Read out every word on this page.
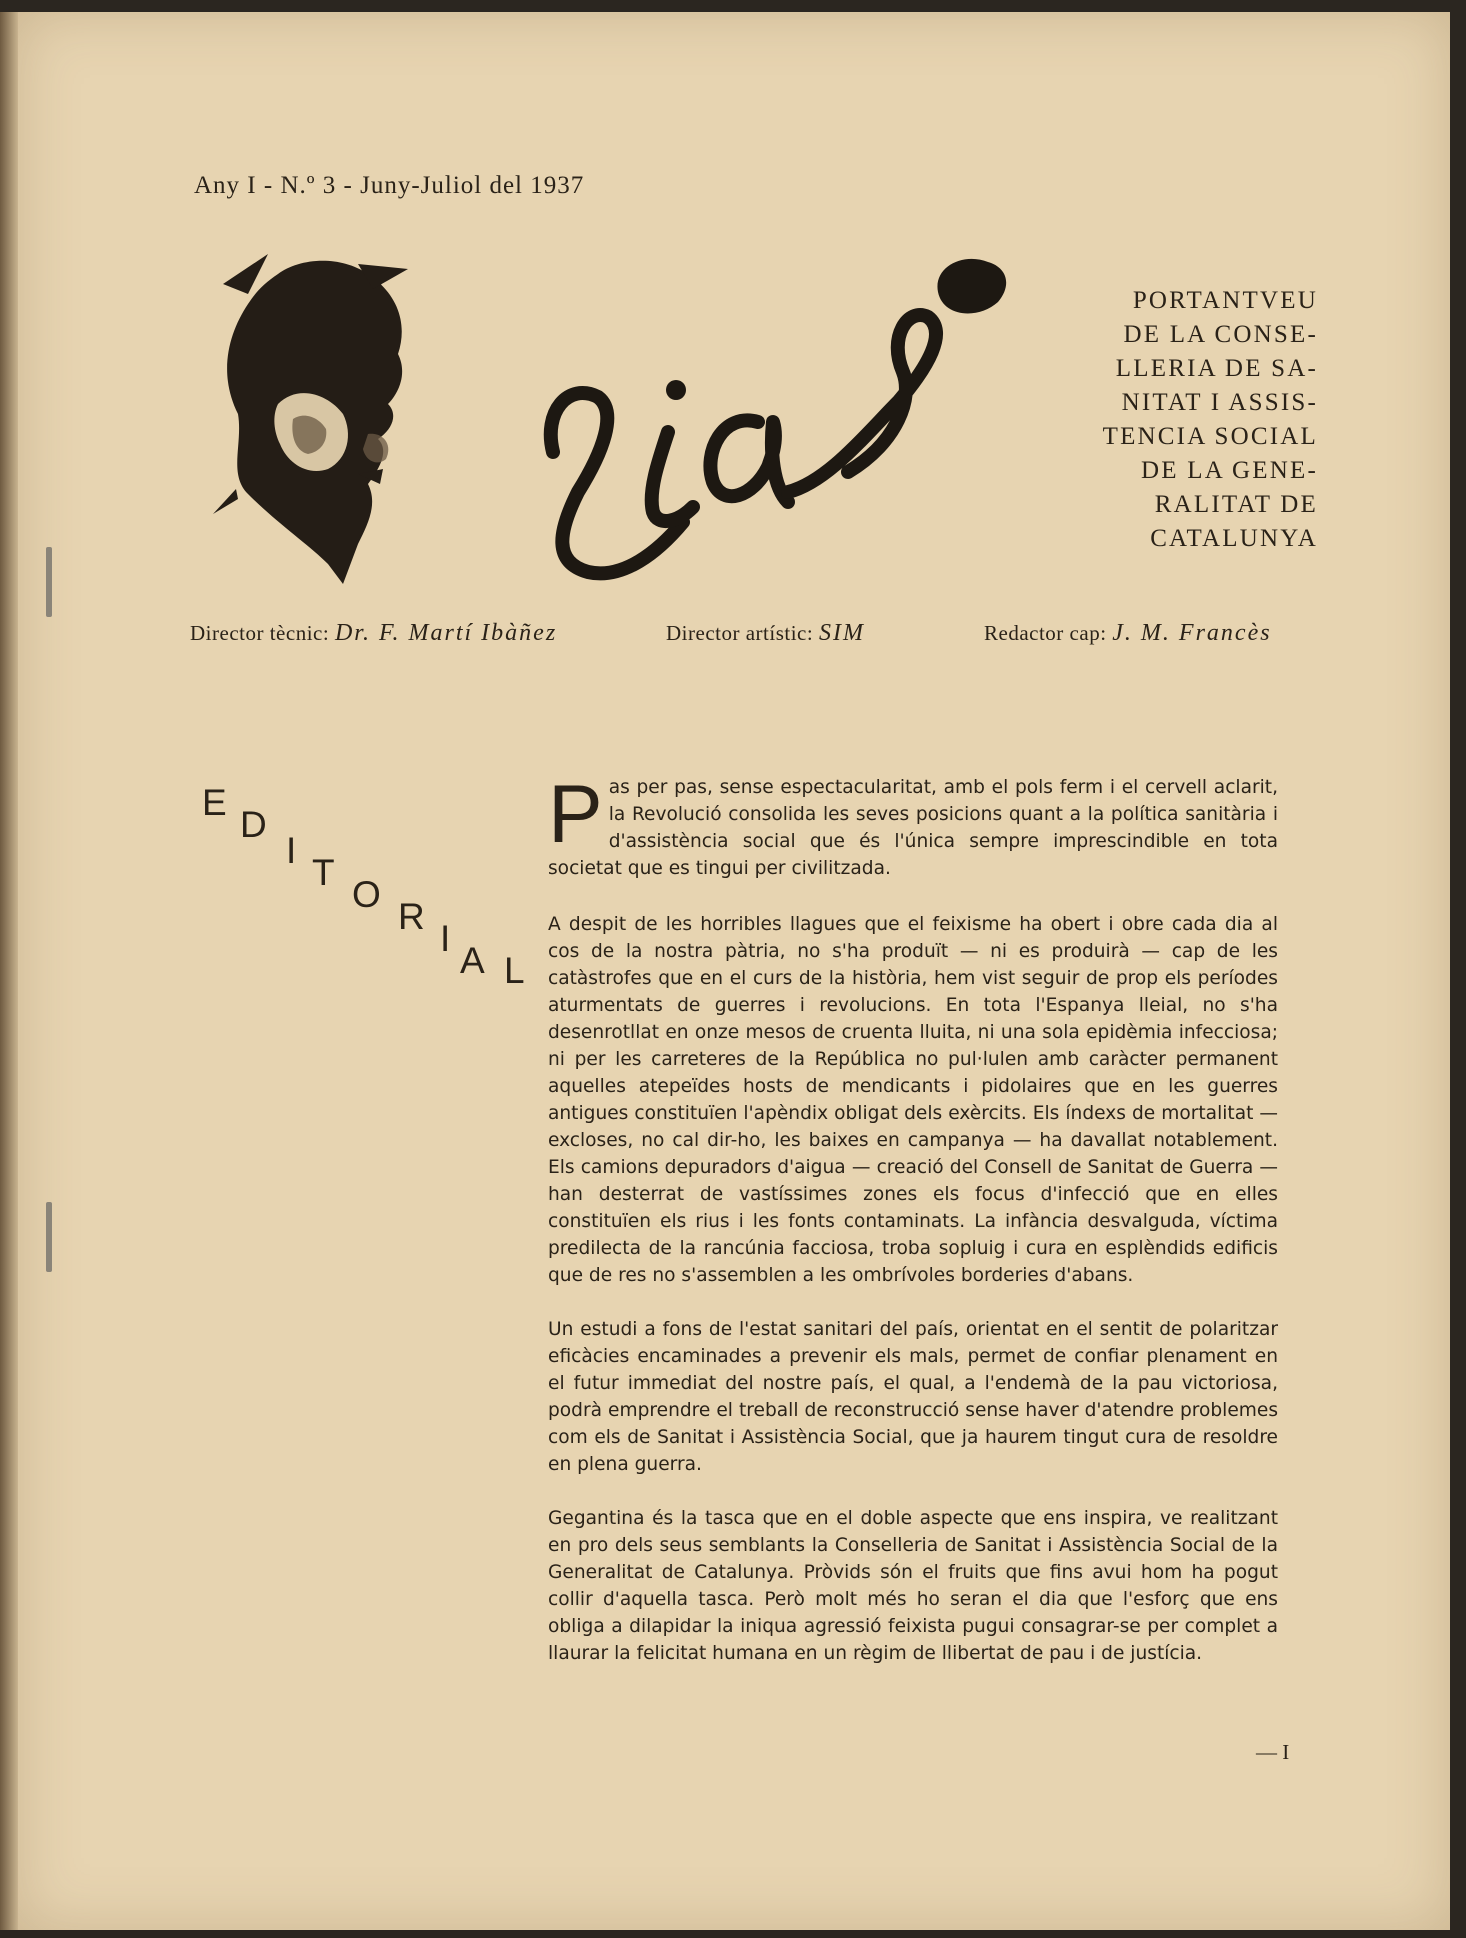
Any I - N.º 3 - Juny-Juliol del 1937
PORTANTVEU
DE LA CONSE-
LLERIA DE SA-
NITAT I ASSIS-
TENCIA SOCIAL
DE LA GENE-
RALITAT DE
CATALUNYA
Director tècnic: Dr. F. Martí Ibàñez	Director artístic: SIM	Redactor cap: J. M. Francès
E
D
I
T
O
R
I
A L

P as per pas, sense espectacularitat, amb el pols ferm i el cervell aclarit, la Revolució consolida les seves posicions quant a la política sanitària i d'assistència social que és l'única sempre imprescindible en tota societat que es tingui per civilitzada.

A despit de les horribles llagues que el feixisme ha obert i obre cada dia al cos de la nostra pàtria, no s'ha produït — ni es produirà — cap de les catàstrofes que en el curs de la història, hem vist seguir de prop els períodes aturmentats de guerres i revolucions. En tota l'Espanya lleial, no s'ha desenrotllat en onze mesos de cruenta lluita, ni una sola epidèmia infecciosa; ni per les carreteres de la República no pul·lulen amb caràcter permanent aquelles atepeïdes hosts de mendicants i pidolaires que en les guerres antigues constituïen l'apèndix obligat dels exèrcits. Els índexs de mortalitat — excloses, no cal dir-ho, les baixes en campanya — ha davallat notablement. Els camions depuradors d'aigua — creació del Consell de Sanitat de Guerra — han desterrat de vastíssimes zones els focus d'infecció que en elles constituïen els rius i les fonts contaminats. La infància desvalguda, víctima predilecta de la rancúnia facciosa, troba sopluig i cura en esplèndids edificis que de res no s'assemblen a les ombrívoles borderies d'abans.

Un estudi a fons de l'estat sanitari del país, orientat en el sentit de polaritzar eficàcies encaminades a prevenir els mals, permet de confiar plenament en el futur immediat del nostre país, el qual, a l'endemà de la pau victoriosa, podrà emprendre el treball de reconstrucció sense haver d'atendre problemes com els de Sanitat i Assistència Social, que ja haurem tingut cura de resoldre en plena guerra.

Gegantina és la tasca que en el doble aspecte que ens inspira, ve realitzant en pro dels seus semblants la Conselleria de Sanitat i Assistència Social de la Generalitat de Catalunya. Pròvids són el fruits que fins avui hom ha pogut collir d'aquella tasca. Però molt més ho seran el dia que l'esforç que ens obliga a dilapidar la iniqua agressió feixista pugui consagrar-se per complet a llaurar la felicitat humana en un règim de llibertat de pau i de justícia.

— I
